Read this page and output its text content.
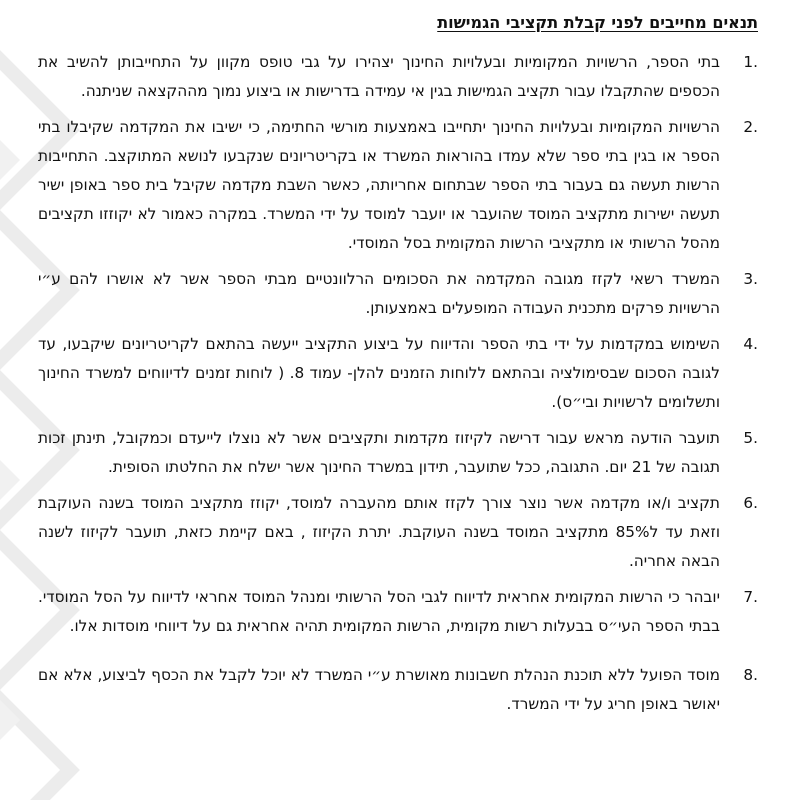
תנאים מחייבים לפני קבלת תקציבי הגמישות
1.
בתי הספר, הרשויות המקומיות ובעלויות החינוך יצהירו על גבי טופס מקוון על התחייבותן להשיב את הכספים שהתקבלו עבור תקציב הגמישות בגין אי עמידה בדרישות או ביצוע נמוך מההקצאה שניתנה.
2.
הרשויות המקומיות ובעלויות החינוך יתחייבו באמצעות מורשי החתימה, כי ישיבו את המקדמה שקיבלו בתי הספר או בגין בתי ספר שלא עמדו בהוראות המשרד או בקריטריונים שנקבעו לנושא המתוקצב. התחייבות הרשות תעשה גם בעבור בתי הספר שבתחום אחריותה, כאשר השבת מקדמה שקיבל בית ספר באופן ישיר תעשה ישירות מתקציב המוסד שהועבר או יועבר למוסד על ידי המשרד. במקרה כאמור לא יקוזזו תקציבים מהסל הרשותי או מתקציבי הרשות המקומית בסל המוסדי.
3.
המשרד רשאי לקזז מגובה המקדמה את הסכומים הרלוונטיים מבתי הספר אשר לא אושרו להם ע״י הרשויות פרקים מתכנית העבודה המופעלים באמצעותן.
4.
השימוש במקדמות על ידי בתי הספר והדיווח על ביצוע התקציב ייעשה בהתאם לקריטריונים שיקבעו, עד לגובה הסכום שבסימולציה ובהתאם ללוחות הזמנים להלן- עמוד 8. ( לוחות זמנים לדיווחים למשרד החינוך ותשלומים לרשויות ובי״ס).
5.
תועבר הודעה מראש עבור דרישה לקיזוז מקדמות ותקציבים אשר לא נוצלו לייעדם וכמקובל, תינתן זכות תגובה של 21 יום. התגובה, ככל שתועבר, תידון במשרד החינוך אשר ישלח את החלטתו הסופית.
6.
תקציב ו/או מקדמה אשר נוצר צורך לקזז אותם מהעברה למוסד, יקוזז מתקציב המוסד בשנה העוקבת וזאת עד ל85% מתקציב המוסד בשנה העוקבת. יתרת הקיזוז , באם קיימת כזאת, תועבר לקיזוז לשנה הבאה אחריה.
7.
יובהר כי הרשות המקומית אחראית לדיווח לגבי הסל הרשותי ומנהל המוסד אחראי לדיווח על הסל המוסדי. בבתי הספר העי״ס בבעלות רשות מקומית, הרשות המקומית תהיה אחראית גם על דיווחי מוסדות אלו.
8.
מוסד הפועל ללא תוכנת הנהלת חשבונות מאושרת ע״י המשרד לא יוכל לקבל את הכסף לביצוע, אלא אם יאושר באופן חריג על ידי המשרד.
